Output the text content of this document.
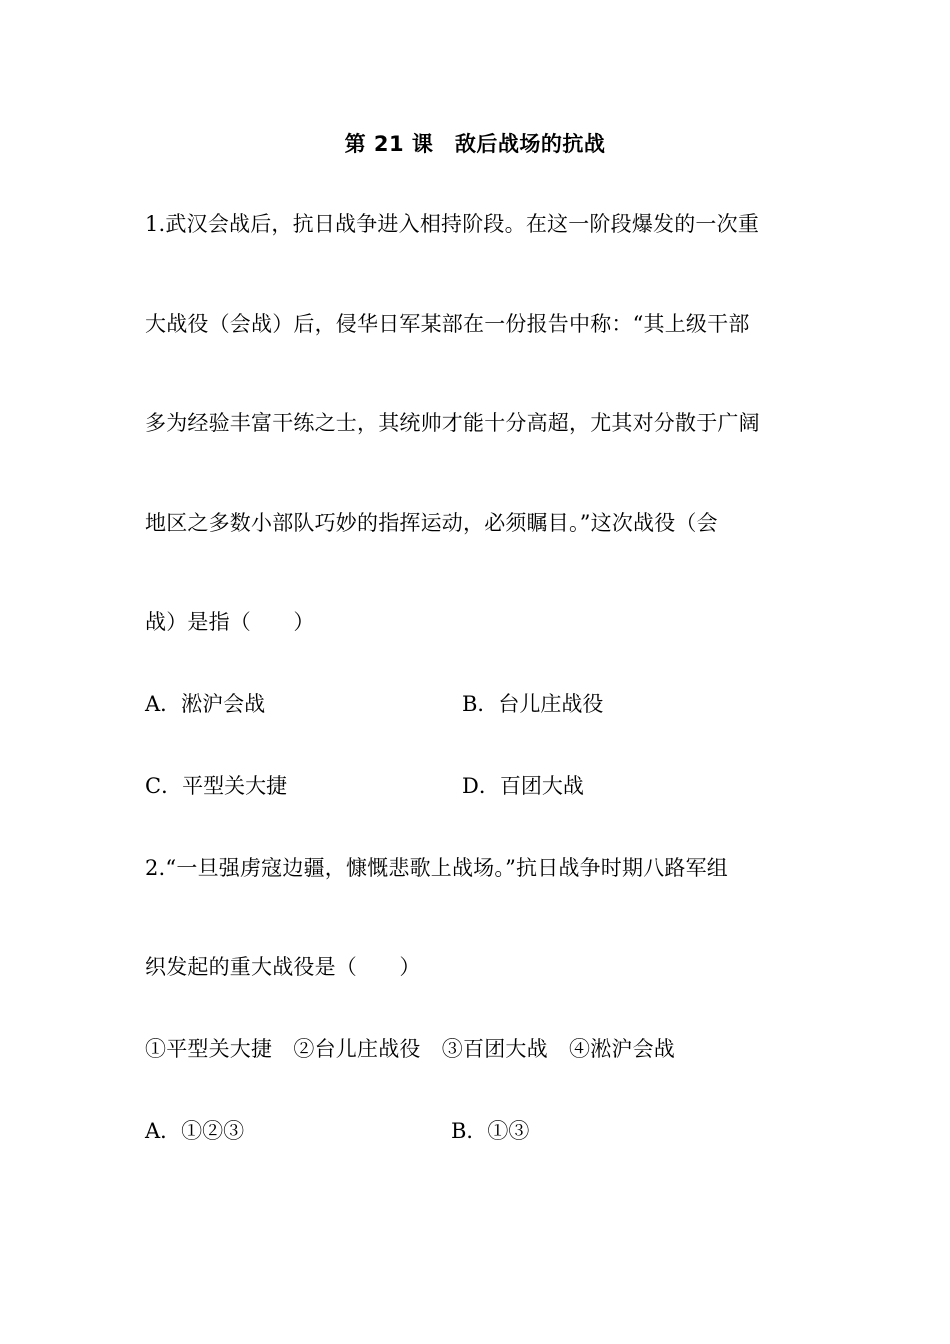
第 21 课　敌后战场的抗战
1.武汉会战后，抗日战争进入相持阶段。在这一阶段爆发的一次重
大战役（会战）后，侵华日军某部在一份报告中称：“其上级干部
多为经验丰富干练之士，其统帅才能十分高超，尤其对分散于广阔
地区之多数小部队巧妙的指挥运动，必须瞩目。”这次战役（会
战）是指（　　）
A．淞沪会战	B．台儿庄战役
C．平型关大捷	D．百团大战
2.“一旦强虏寇边疆，慷慨悲歌上战场。”抗日战争时期八路军组
织发起的重大战役是（　　）
①平型关大捷　②台儿庄战役　③百团大战　④淞沪会战
A．①②③	B．①③
